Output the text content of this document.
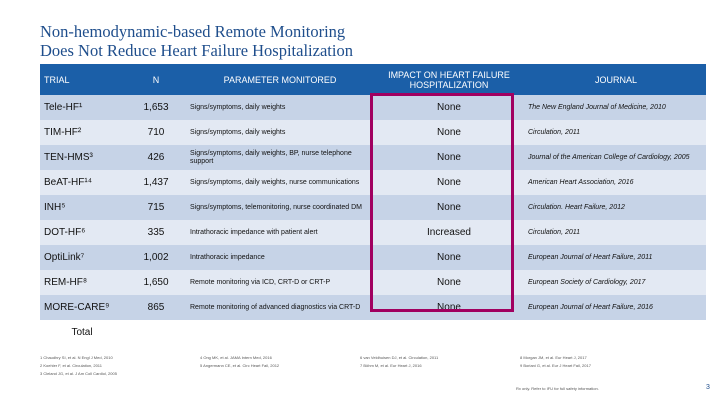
Non-hemodynamic-based Remote Monitoring
Does Not Reduce Heart Failure Hospitalization
TRIAL	N	PARAMETER MONITORED	IMPACT ON HEART FAILURE HOSPITALIZATION	JOURNAL
Tele-HF¹	1,653	Signs/symptoms, daily weights	None	The New England Journal of Medicine, 2010
TIM-HF²	710	Signs/symptoms, daily weights	None	Circulation, 2011
TEN-HMS³	426	Signs/symptoms, daily weights, BP, nurse telephone support	None	Journal of the American College of Cardiology, 2005
BeAT-HF¹⁴	1,437	Signs/symptoms, daily weights, nurse communications	None	American Heart Association, 2016
INH⁵	715	Signs/symptoms, telemonitoring, nurse coordinated DM	None	Circulation. Heart Failure, 2012
DOT-HF⁶	335	Intrathoracic impedance with patient alert	Increased	Circulation, 2011
OptiLink⁷	1,002	Intrathoracic impedance	None	European Journal of Heart Failure, 2011
REM-HF⁸	1,650	Remote monitoring via ICD, CRT-D or CRT-P	None	European Society of Cardiology, 2017
MORE-CARE⁹	865	Remote monitoring of advanced diagnostics via CRT-D	None	European Journal of Heart Failure, 2016
Total	8,793	MULTIPLE TRIALS, > 8,500 PATIENTS:
No reduction in heart failure hospitalization		
1 Chaudhry SI, et al. N Engl J Med, 2010
2 Koehler F, et al. Circulation, 2011
3 Cleland JG, et al. J Am Coll Cardiol, 2005
4 Ong MK, et al. JAMA Intern Med, 2016
5 Angermann CE, et al. Circ Heart Fail, 2012
6 van Veldhuisen DJ, et al. Circulation, 2011
7 Böhm M, et al. Eur Heart J, 2016
8 Morgan JM, et al. Eur Heart J, 2017
9 Boriani G, et al. Eur J Heart Fail, 2017
Rx only. Refer to IFU for full safety information.	3
